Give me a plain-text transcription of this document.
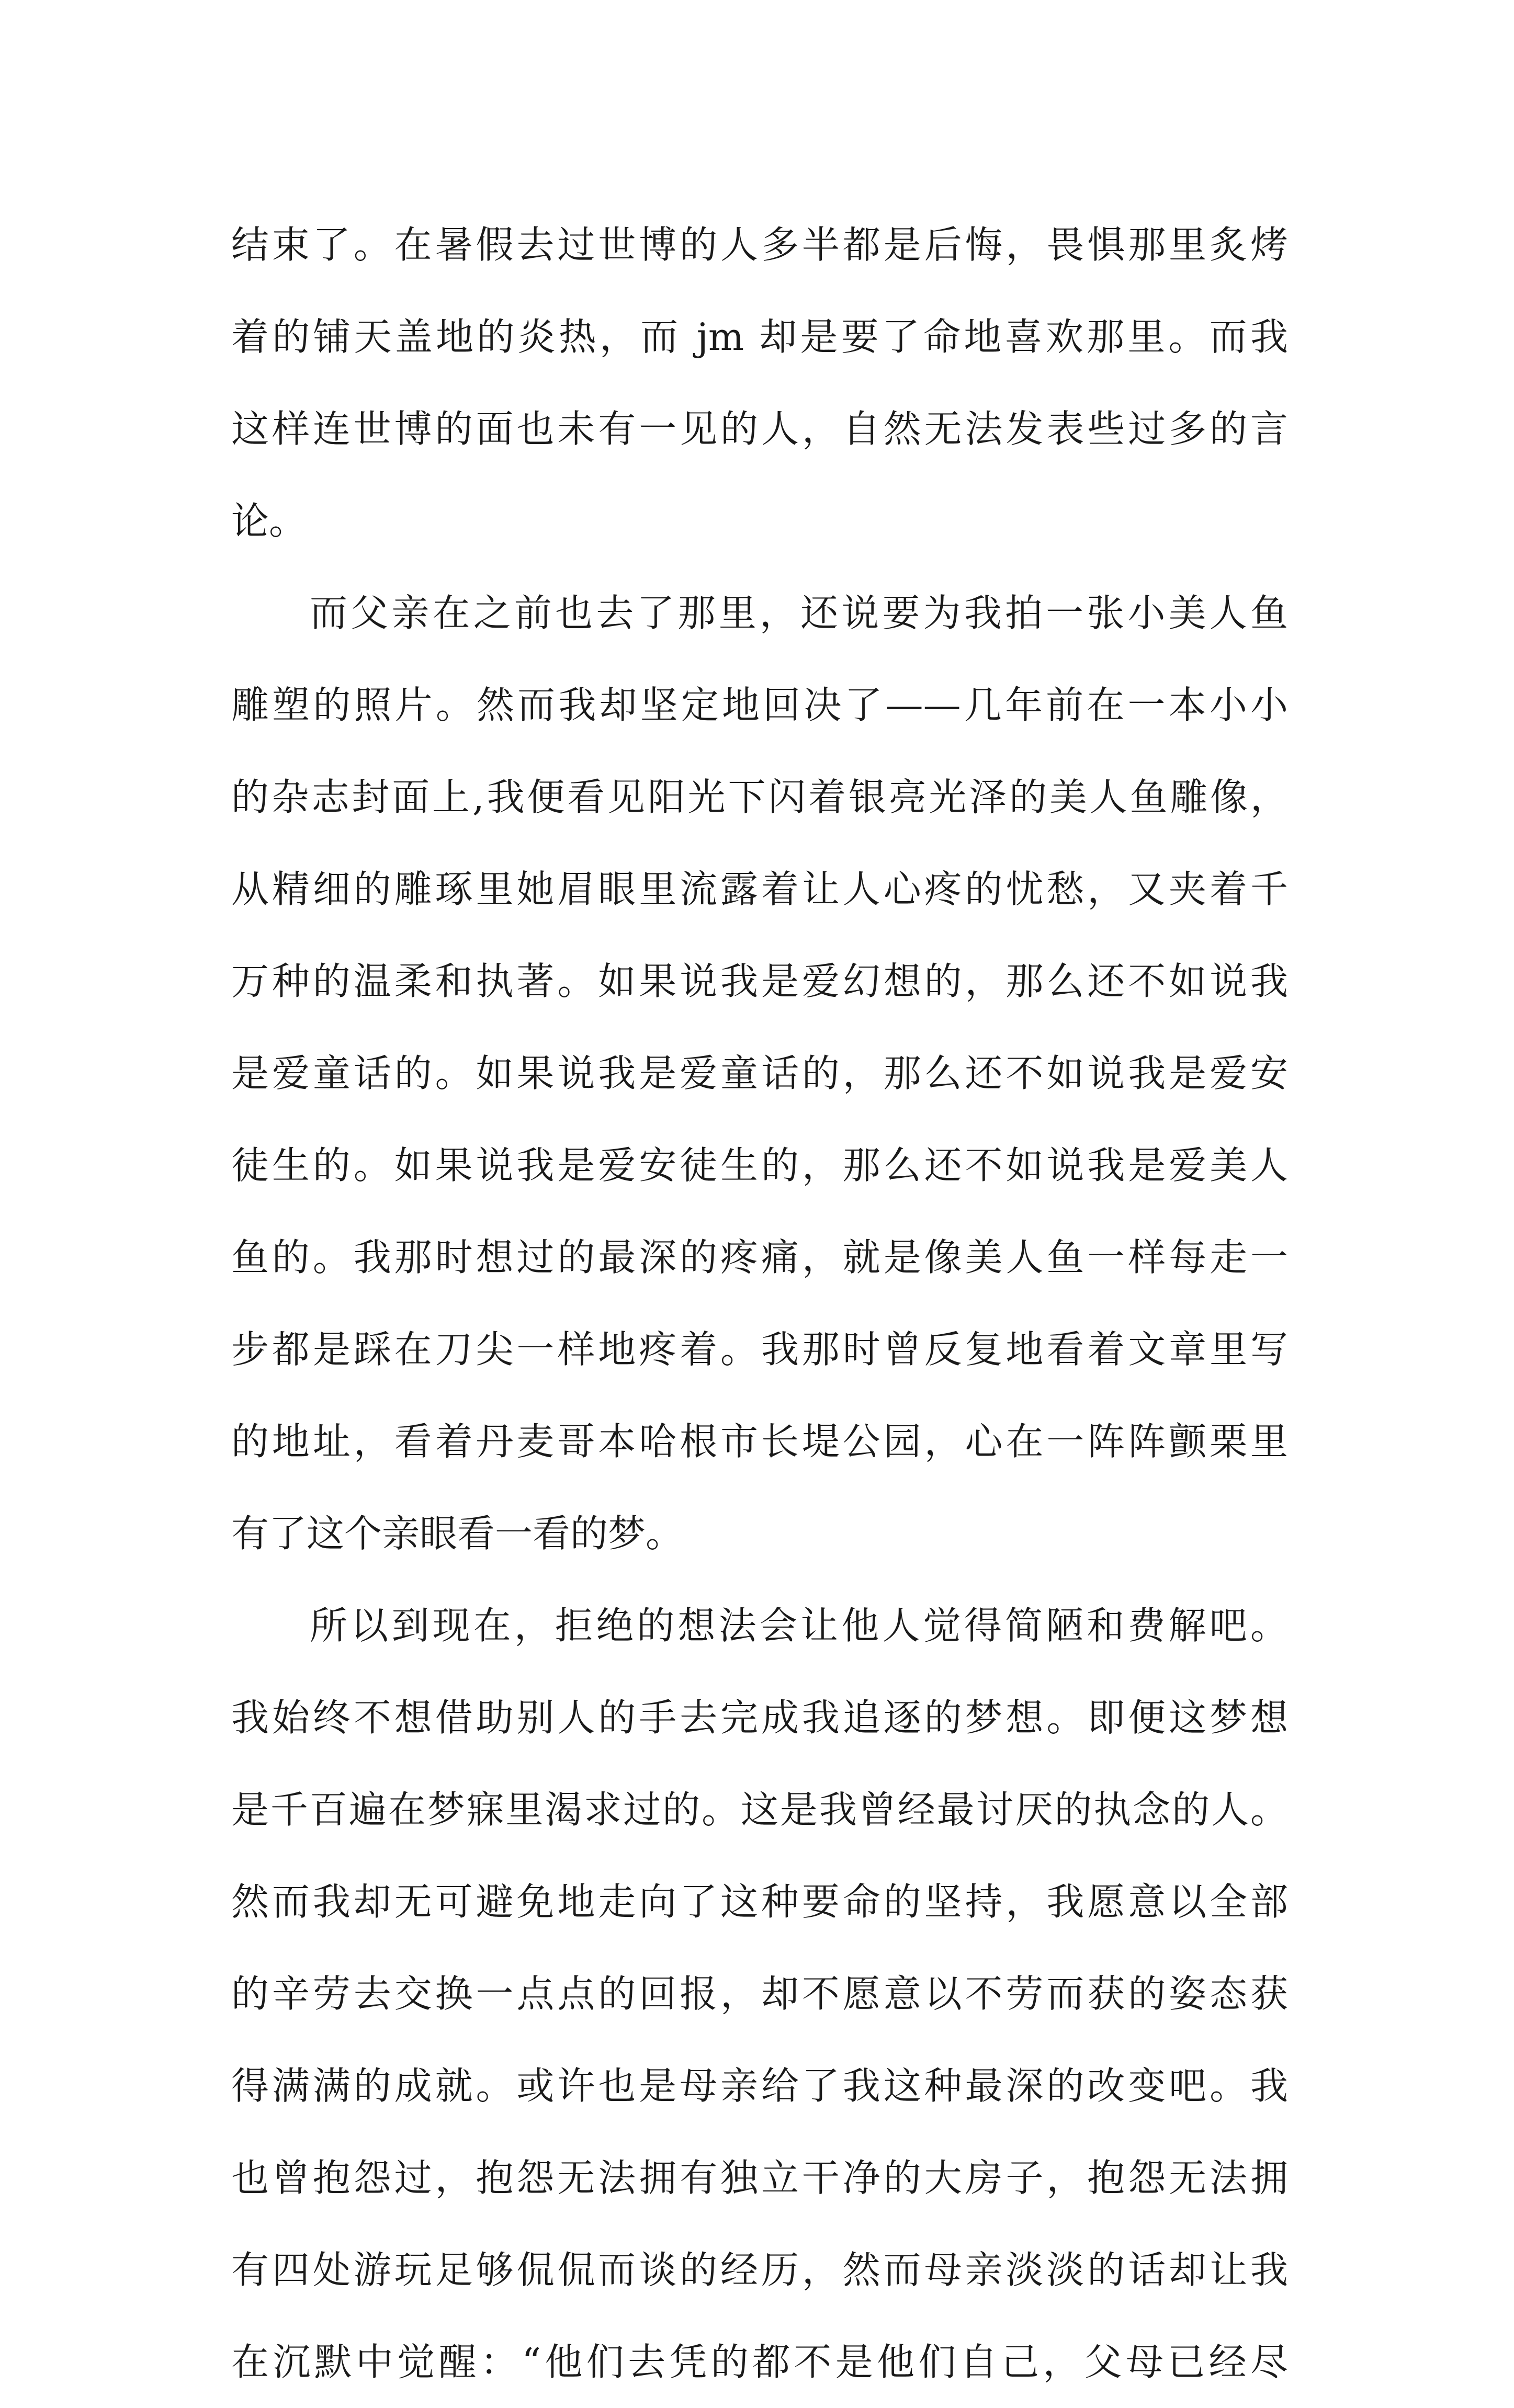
结束了。在暑假去过世博的人多半都是后悔，畏惧那里炙烤
着的铺天盖地的炎热，而 jm 却是要了命地喜欢那里。而我
这样连世博的面也未有一见的人，自然无法发表些过多的言
论。
而父亲在之前也去了那里，还说要为我拍一张小美人鱼
雕塑的照片。然而我却坚定地回决了——几年前在一本小小
的杂志封面上,我便看见阳光下闪着银亮光泽的美人鱼雕像，
从精细的雕琢里她眉眼里流露着让人心疼的忧愁，又夹着千
万种的温柔和执著。如果说我是爱幻想的，那么还不如说我
是爱童话的。如果说我是爱童话的，那么还不如说我是爱安
徒生的。如果说我是爱安徒生的，那么还不如说我是爱美人
鱼的。我那时想过的最深的疼痛，就是像美人鱼一样每走一
步都是踩在刀尖一样地疼着。我那时曾反复地看着文章里写
的地址，看着丹麦哥本哈根市长堤公园，心在一阵阵颤栗里
有了这个亲眼看一看的梦。
所以到现在，拒绝的想法会让他人觉得简陋和费解吧。
我始终不想借助别人的手去完成我追逐的梦想。即便这梦想
是千百遍在梦寐里渴求过的。这是我曾经最讨厌的执念的人。
然而我却无可避免地走向了这种要命的坚持，我愿意以全部
的辛劳去交换一点点的回报，却不愿意以不劳而获的姿态获
得满满的成就。或许也是母亲给了我这种最深的改变吧。我
也曾抱怨过，抱怨无法拥有独立干净的大房子，抱怨无法拥
有四处游玩足够侃侃而谈的经历，然而母亲淡淡的话却让我
在沉默中觉醒：“他们去凭的都不是他们自己，父母已经尽
